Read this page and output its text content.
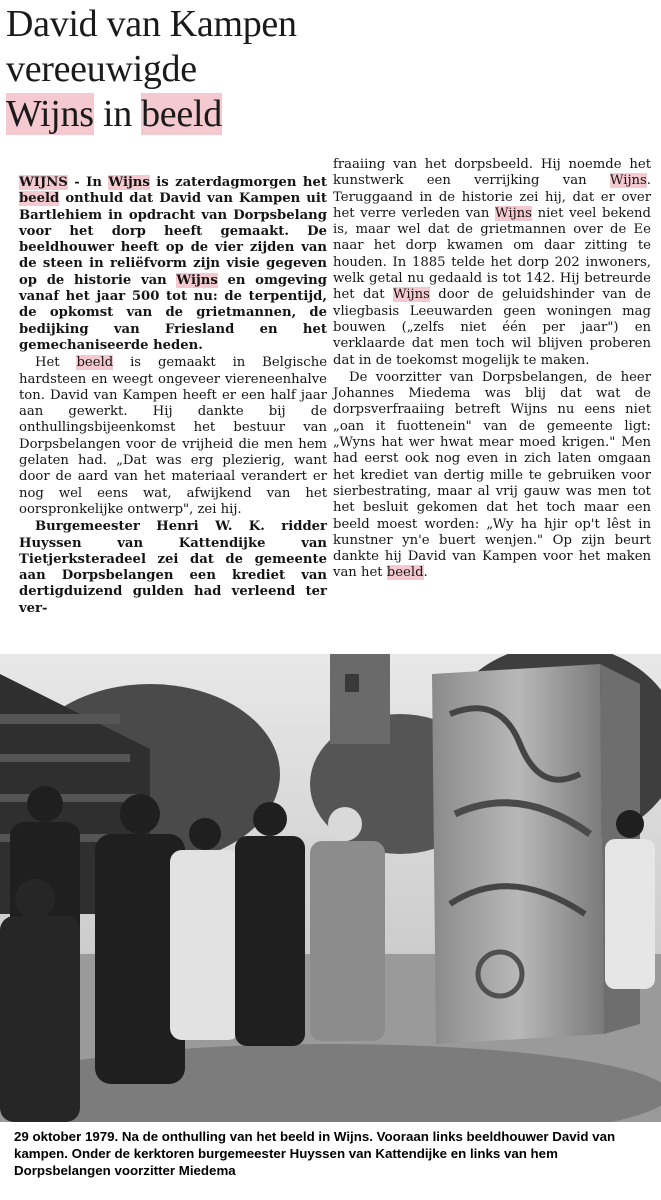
David van Kampen
vereeuwigde
Wijns in beeld

WIJNS - In Wijns is zaterdagmorgen het beeld onthuld dat David van Kampen uit Bartlehiem in opdracht van Dorpsbelang voor het dorp heeft gemaakt. De beeldhouwer heeft op de vier zijden van de steen in reliëfvorm zijn visie gegeven op de historie van Wijns en omgeving vanaf het jaar 500 tot nu: de terpentijd, de opkomst van de grietmannen, de bedijking van Friesland en het gemechaniseerde heden.

Het beeld is gemaakt in Belgische hardsteen en weegt ongeveer viereneenhalve ton. David van Kampen heeft er een half jaar aan gewerkt. Hij dankte bij de onthullingsbijeenkomst het bestuur van Dorpsbelangen voor de vrijheid die men hem gelaten had. „Dat was erg plezierig, want door de aard van het materiaal verandert er nog wel eens wat, afwijkend van het oorspronkelijke ontwerp", zei hij.

Burgemeester Henri W. K. ridder Huyssen van Kattendijke van Tietjerksteradeel zei dat de gemeente aan Dorpsbelangen een krediet van dertigduizend gulden had verleend ter ver-

fraaiing van het dorpsbeeld. Hij noemde het kunstwerk een verrijking van Wijns. Teruggaand in de historie zei hij, dat er over het verre verleden van Wijns niet veel bekend is, maar wel dat de grietmannen over de Ee naar het dorp kwamen om daar zitting te houden. In 1885 telde het dorp 202 inwoners, welk getal nu gedaald is tot 142. Hij betreurde het dat Wijns door de geluidshinder van de vliegbasis Leeuwarden geen woningen mag bouwen („zelfs niet één per jaar") en verklaarde dat men toch wil blijven proberen dat in de toekomst mogelijk te maken.

De voorzitter van Dorpsbelangen, de heer Johannes Miedema was blij dat wat de dorpsverfraaiing betreft Wijns nu eens niet „oan it fuottenein" van de gemeente ligt: „Wyns hat wer hwat mear moed krigen." Men had eerst ook nog even in zich laten omgaan het krediet van dertig mille te gebruiken voor sierbestrating, maar al vrij gauw was men tot het besluit gekomen dat het toch maar een beeld moest worden: „Wy ha hjir op't lêst in kunstner yn'e buert wenjen." Op zijn beurt dankte hij David van Kampen voor het maken van het beeld.

29 oktober 1979. Na de onthulling van het beeld in Wijns. Vooraan links beeldhouwer David van kampen. Onder de kerktoren burgemeester Huyssen van Kattendijke en links van hem Dorpsbelangen voorzitter Miedema
